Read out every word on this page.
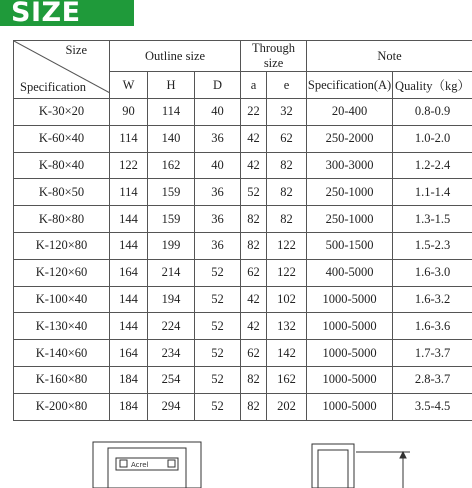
SIZE
Size
Specification	Outline size			Through size		Note	
	W	H	D	a	e	Specification(A)	Quality（kg）
K-30×20	90	114	40	22	32	20-400	0.8-0.9
K-60×40	114	140	36	42	62	250-2000	1.0-2.0
K-80×40	122	162	40	42	82	300-3000	1.2-2.4
K-80×50	114	159	36	52	82	250-1000	1.1-1.4
K-80×80	144	159	36	82	82	250-1000	1.3-1.5
K-120×80	144	199	36	82	122	500-1500	1.5-2.3
K-120×60	164	214	52	62	122	400-5000	1.6-3.0
K-100×40	144	194	52	42	102	1000-5000	1.6-3.2
K-130×40	144	224	52	42	132	1000-5000	1.6-3.6
K-140×60	164	234	52	62	142	1000-5000	1.7-3.7
K-160×80	184	254	52	82	162	1000-5000	2.8-3.7
K-200×80	184	294	52	82	202	1000-5000	3.5-4.5
Acrel
